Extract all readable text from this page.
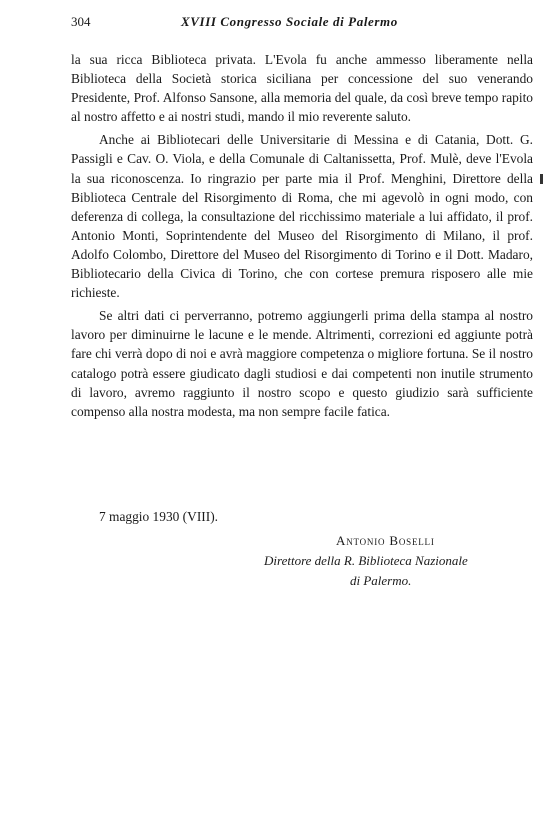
304	XVIII Congresso Sociale di Palermo

la sua ricca Biblioteca privata. L'Evola fu anche ammesso liberamente nella Biblioteca della Società storica siciliana per concessione del suo venerando Presidente, Prof. Alfonso Sansone, alla memoria del quale, da così breve tempo rapito al nostro affetto e ai nostri studi, mando il mio reverente saluto.

Anche ai Bibliotecari delle Universitarie di Messina e di Catania, Dott. G. Passigli e Cav. O. Viola, e della Comunale di Caltanissetta, Prof. Mulè, deve l'Evola la sua riconoscenza. Io ringrazio per parte mia il Prof. Menghini, Direttore della Biblioteca Centrale del Risorgimento di Roma, che mi agevolò in ogni modo, con deferenza di collega, la consultazione del ricchissimo materiale a lui affidato, il prof. Antonio Monti, Soprintendente del Museo del Risorgimento di Milano, il prof. Adolfo Colombo, Direttore del Museo del Risorgimento di Torino e il Dott. Madaro, Bibliotecario della Civica di Torino, che con cortese premura risposero alle mie richieste.

Se altri dati ci perverranno, potremo aggiungerli prima della stampa al nostro lavoro per diminuirne le lacune e le mende. Altrimenti, correzioni ed aggiunte potrà fare chi verrà dopo di noi e avrà maggiore competenza o migliore fortuna. Se il nostro catalogo potrà essere giudicato dagli studiosi e dai competenti non inutile strumento di lavoro, avremo raggiunto il nostro scopo e questo giudizio sarà sufficiente compenso alla nostra modesta, ma non sempre facile fatica.

7 maggio 1930 (VIII).
Antonio Boselli
Direttore della R. Biblioteca Nazionale
di Palermo.
